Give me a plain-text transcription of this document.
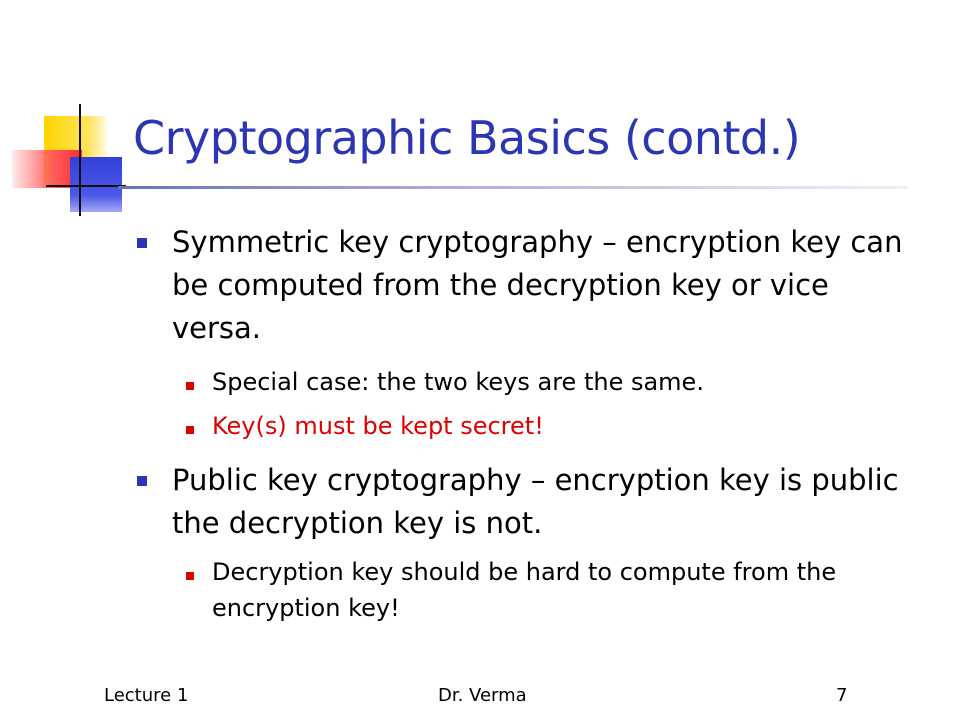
Cryptographic Basics (contd.)

Symmetric key cryptography – encryption key can be computed from the decryption key or vice versa.

Special case: the two keys are the same.

Key(s) must be kept secret!

Public key cryptography – encryption key is public the decryption key is not.

Decryption key should be hard to compute from the encryption key!

Lecture 1	Dr. Verma	7
